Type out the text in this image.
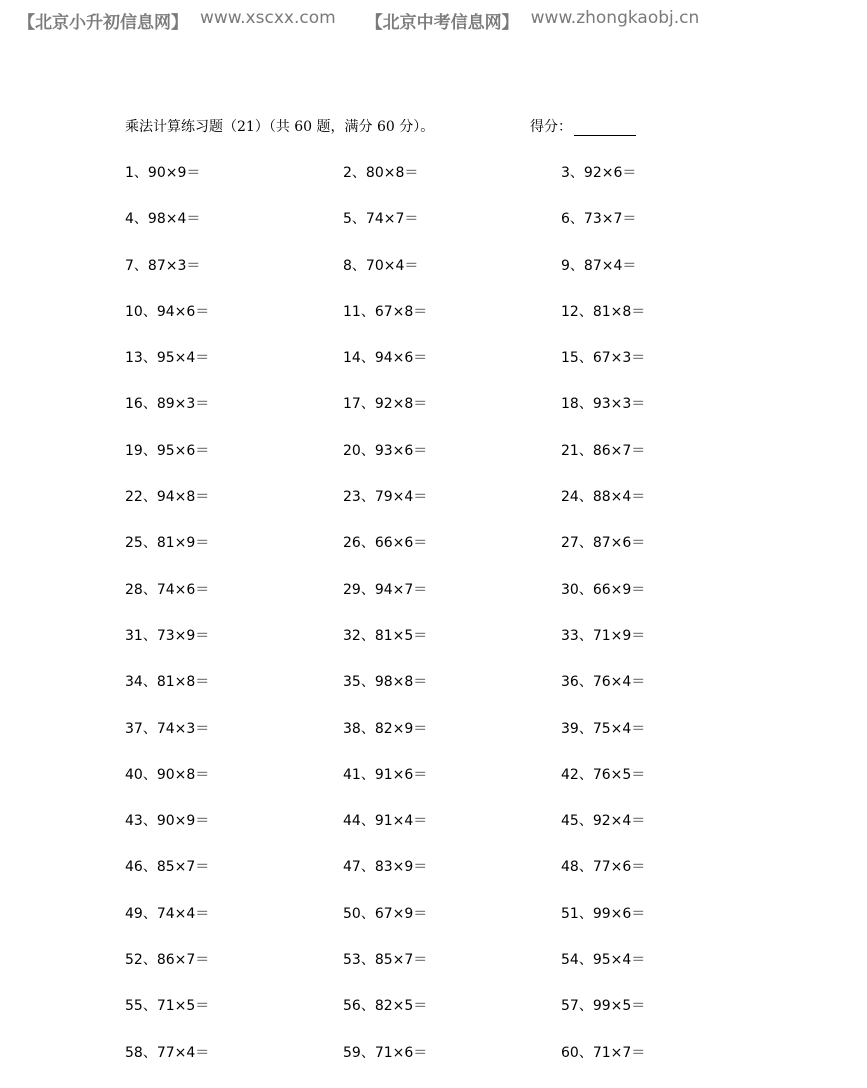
【北京小升初信息网】 www.xscxx.com 【北京中考信息网】 www.zhongkaobj.cn
乘法计算练习题（21）（共 60 题，满分 60 分）。	得分：
1、90×9＝	2、80×8＝	3、92×6＝
4、98×4＝	5、74×7＝	6、73×7＝
7、87×3＝	8、70×4＝	9、87×4＝
10、94×6＝	11、67×8＝	12、81×8＝
13、95×4＝	14、94×6＝	15、67×3＝
16、89×3＝	17、92×8＝	18、93×3＝
19、95×6＝	20、93×6＝	21、86×7＝
22、94×8＝	23、79×4＝	24、88×4＝
25、81×9＝	26、66×6＝	27、87×6＝
28、74×6＝	29、94×7＝	30、66×9＝
31、73×9＝	32、81×5＝	33、71×9＝
34、81×8＝	35、98×8＝	36、76×4＝
37、74×3＝	38、82×9＝	39、75×4＝
40、90×8＝	41、91×6＝	42、76×5＝
43、90×9＝	44、91×4＝	45、92×4＝
46、85×7＝	47、83×9＝	48、77×6＝
49、74×4＝	50、67×9＝	51、99×6＝
52、86×7＝	53、85×7＝	54、95×4＝
55、71×5＝	56、82×5＝	57、99×5＝
58、77×4＝	59、71×6＝	60、71×7＝
